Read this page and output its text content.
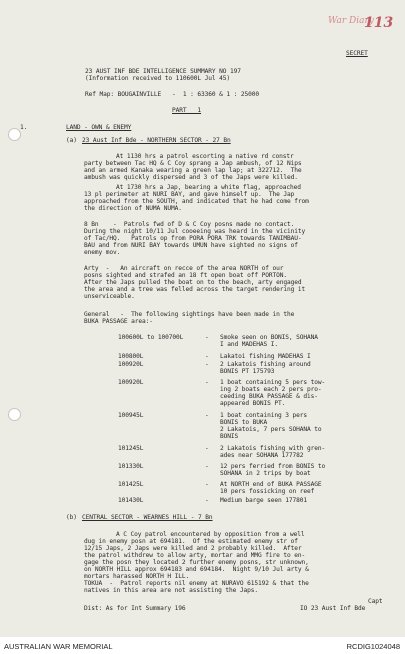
War Diary
113
SECRET
23 AUST INF BDE INTELLIGENCE SUMMARY NO 197
(Information received to 110600L Jul 45)
Ref Map: BOUGAINVILLE   -  1 : 63360 & 1 : 25000
PART   1
1.	LAND - OWN & ENEMY
(a) 23 Aust Inf Bde - NORTHERN SECTOR - 27 Bn
At 1130 hrs a patrol escorting a native rd constr
party between Tac HQ & C Coy sprang a Jap ambush, of 12 Nips
and an armed Kanaka wearing a green lap lap; at 322712.  The
ambush was quickly dispersed and 3 of the Japs were killed.
At 1730 hrs a Jap, bearing a white flag, approached
13 pl perimeter at NURI BAY, and gave himself up.  The Jap
approached from the SOUTH, and indicated that he had come from
the direction of NUMA NUMA.
8 Bn    -  Patrols fwd of D & C Coy posns made no contact.
During the night 10/11 Jul cooeeing was heard in the vicinity
of Tac/HQ.   Patrols op from PORA PORA TRK towards TANIMBAU-
BAU and from NURI BAY towards UMUN have sighted no signs of
enemy mov.
Arty  -   An aircraft on recce of the area NORTH of our
posns sighted and strafed an 18 ft open boat off PORTON.
After the Japs pulled the boat on to the beach, arty engaged
the area and a tree was felled across the target rendering it
unserviceable.
General   -  The following sightings have been made in the
BUKA PASSAGE area:-
100600L to 100700L	- Smoke seen on BONIS, SOHANA
I and MADEHAS I.
100800L	- Lakatoi fishing MADEHAS I
100920L	- 2 Lakatois fishing around
BONIS PT 175793
100920L	- 1 boat containing 5 pers tow-
ing 2 boats each 2 pers pro-
ceeding BUKA PASSAGE & dis-
appeared BONIS PT.
100945L	- 1 boat containing 3 pers
BONIS to BUKA
2 Lakatois, 7 pers SOHANA to
BONIS
101245L	- 2 Lakatois fishing with gren-
ades near SOHANA 177782
101330L	- 12 pers ferried from BONIS to
SOHANA in 2 trips by boat
101425L	- At NORTH end of BUKA PASSAGE
10 pers fossicking on reef
101430L	- Medium barge seen 177801
(b) CENTRAL SECTOR - WEARNES HILL - 7 Bn
A C Coy patrol encountered by opposition from a well
dug in enemy posn at 694181.  Of the estimated enemy str of
12/15 Japs, 2 Japs were killed and 2 probably killed.  After
the patrol withdrew to allow arty, mortar and MMG fire to en-
gage the posn they located 2 further enemy posns, str unknown,
on NORTH HILL approx 694183 and 694184.  Night 9/10 Jul arty &
mortars harassed NORTH H ILL.
TOKUA  -  Patrol reports nil enemy at NURAVO 615192 & that the
natives in this area are not assisting the Japs.
Capt
Dist: As for Int Summary 196	IO 23 Aust Inf Bde
AUSTRALIAN WAR MEMORIAL	RCDIG1024048
